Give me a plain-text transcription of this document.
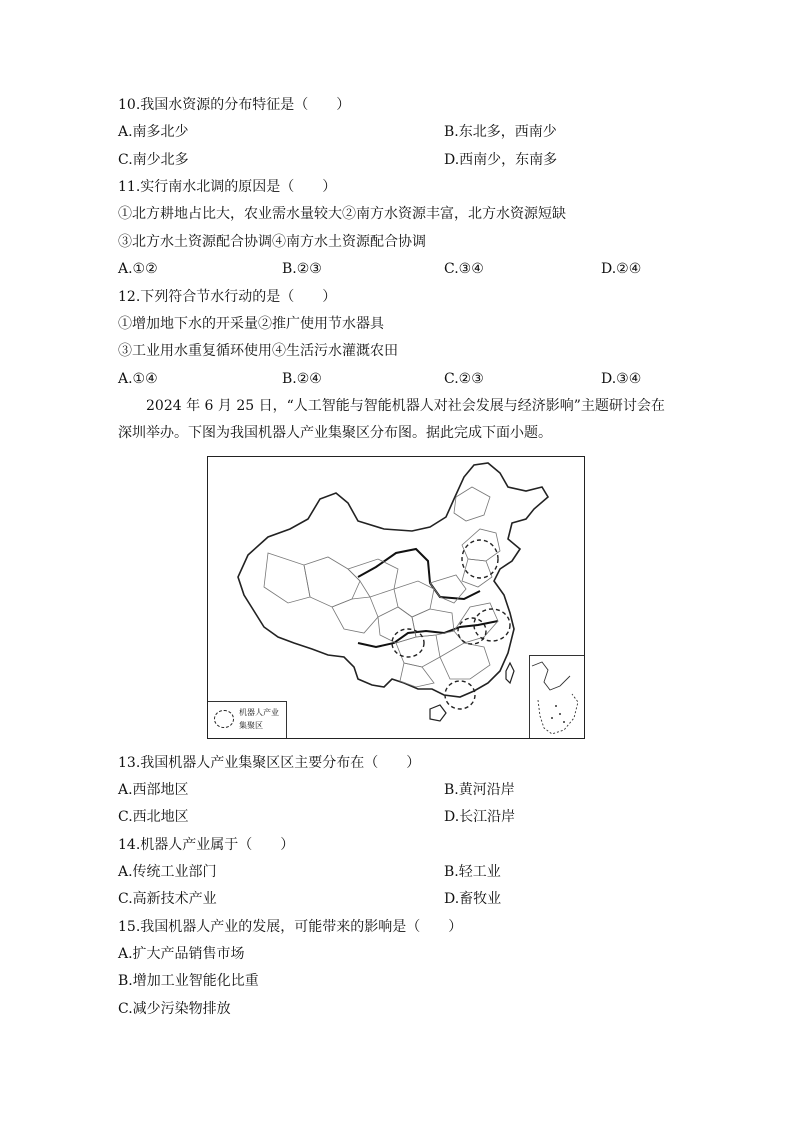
10.我国水资源的分布特征是（　　）
A.南多北少	B.东北多，西南少
C.南少北多	D.西南少，东南多
11.实行南水北调的原因是（　　）
①北方耕地占比大，农业需水量较大②南方水资源丰富，北方水资源短缺
③北方水土资源配合协调④南方水土资源配合协调
A.①②	B.②③	C.③④	D.②④
12.下列符合节水行动的是（　　）
①增加地下水的开采量②推广使用节水器具
③工业用水重复循环使用④生活污水灌溉农田
A.①④	B.②④	C.②③	D.③④
2024 年 6 月 25 日，“人工智能与智能机器人对社会发展与经济影响”主题研讨会在深圳举办。下图为我国机器人产业集聚区分布图。据此完成下面小题。
机器人产业集聚区
13.我国机器人产业集聚区区主要分布在（　　）
A.西部地区	B.黄河沿岸
C.西北地区	D.长江沿岸
14.机器人产业属于（　　）
A.传统工业部门	B.轻工业
C.高新技术产业	D.畜牧业
15.我国机器人产业的发展，可能带来的影响是（　　）
A.扩大产品销售市场
B.增加工业智能化比重
C.减少污染物排放
